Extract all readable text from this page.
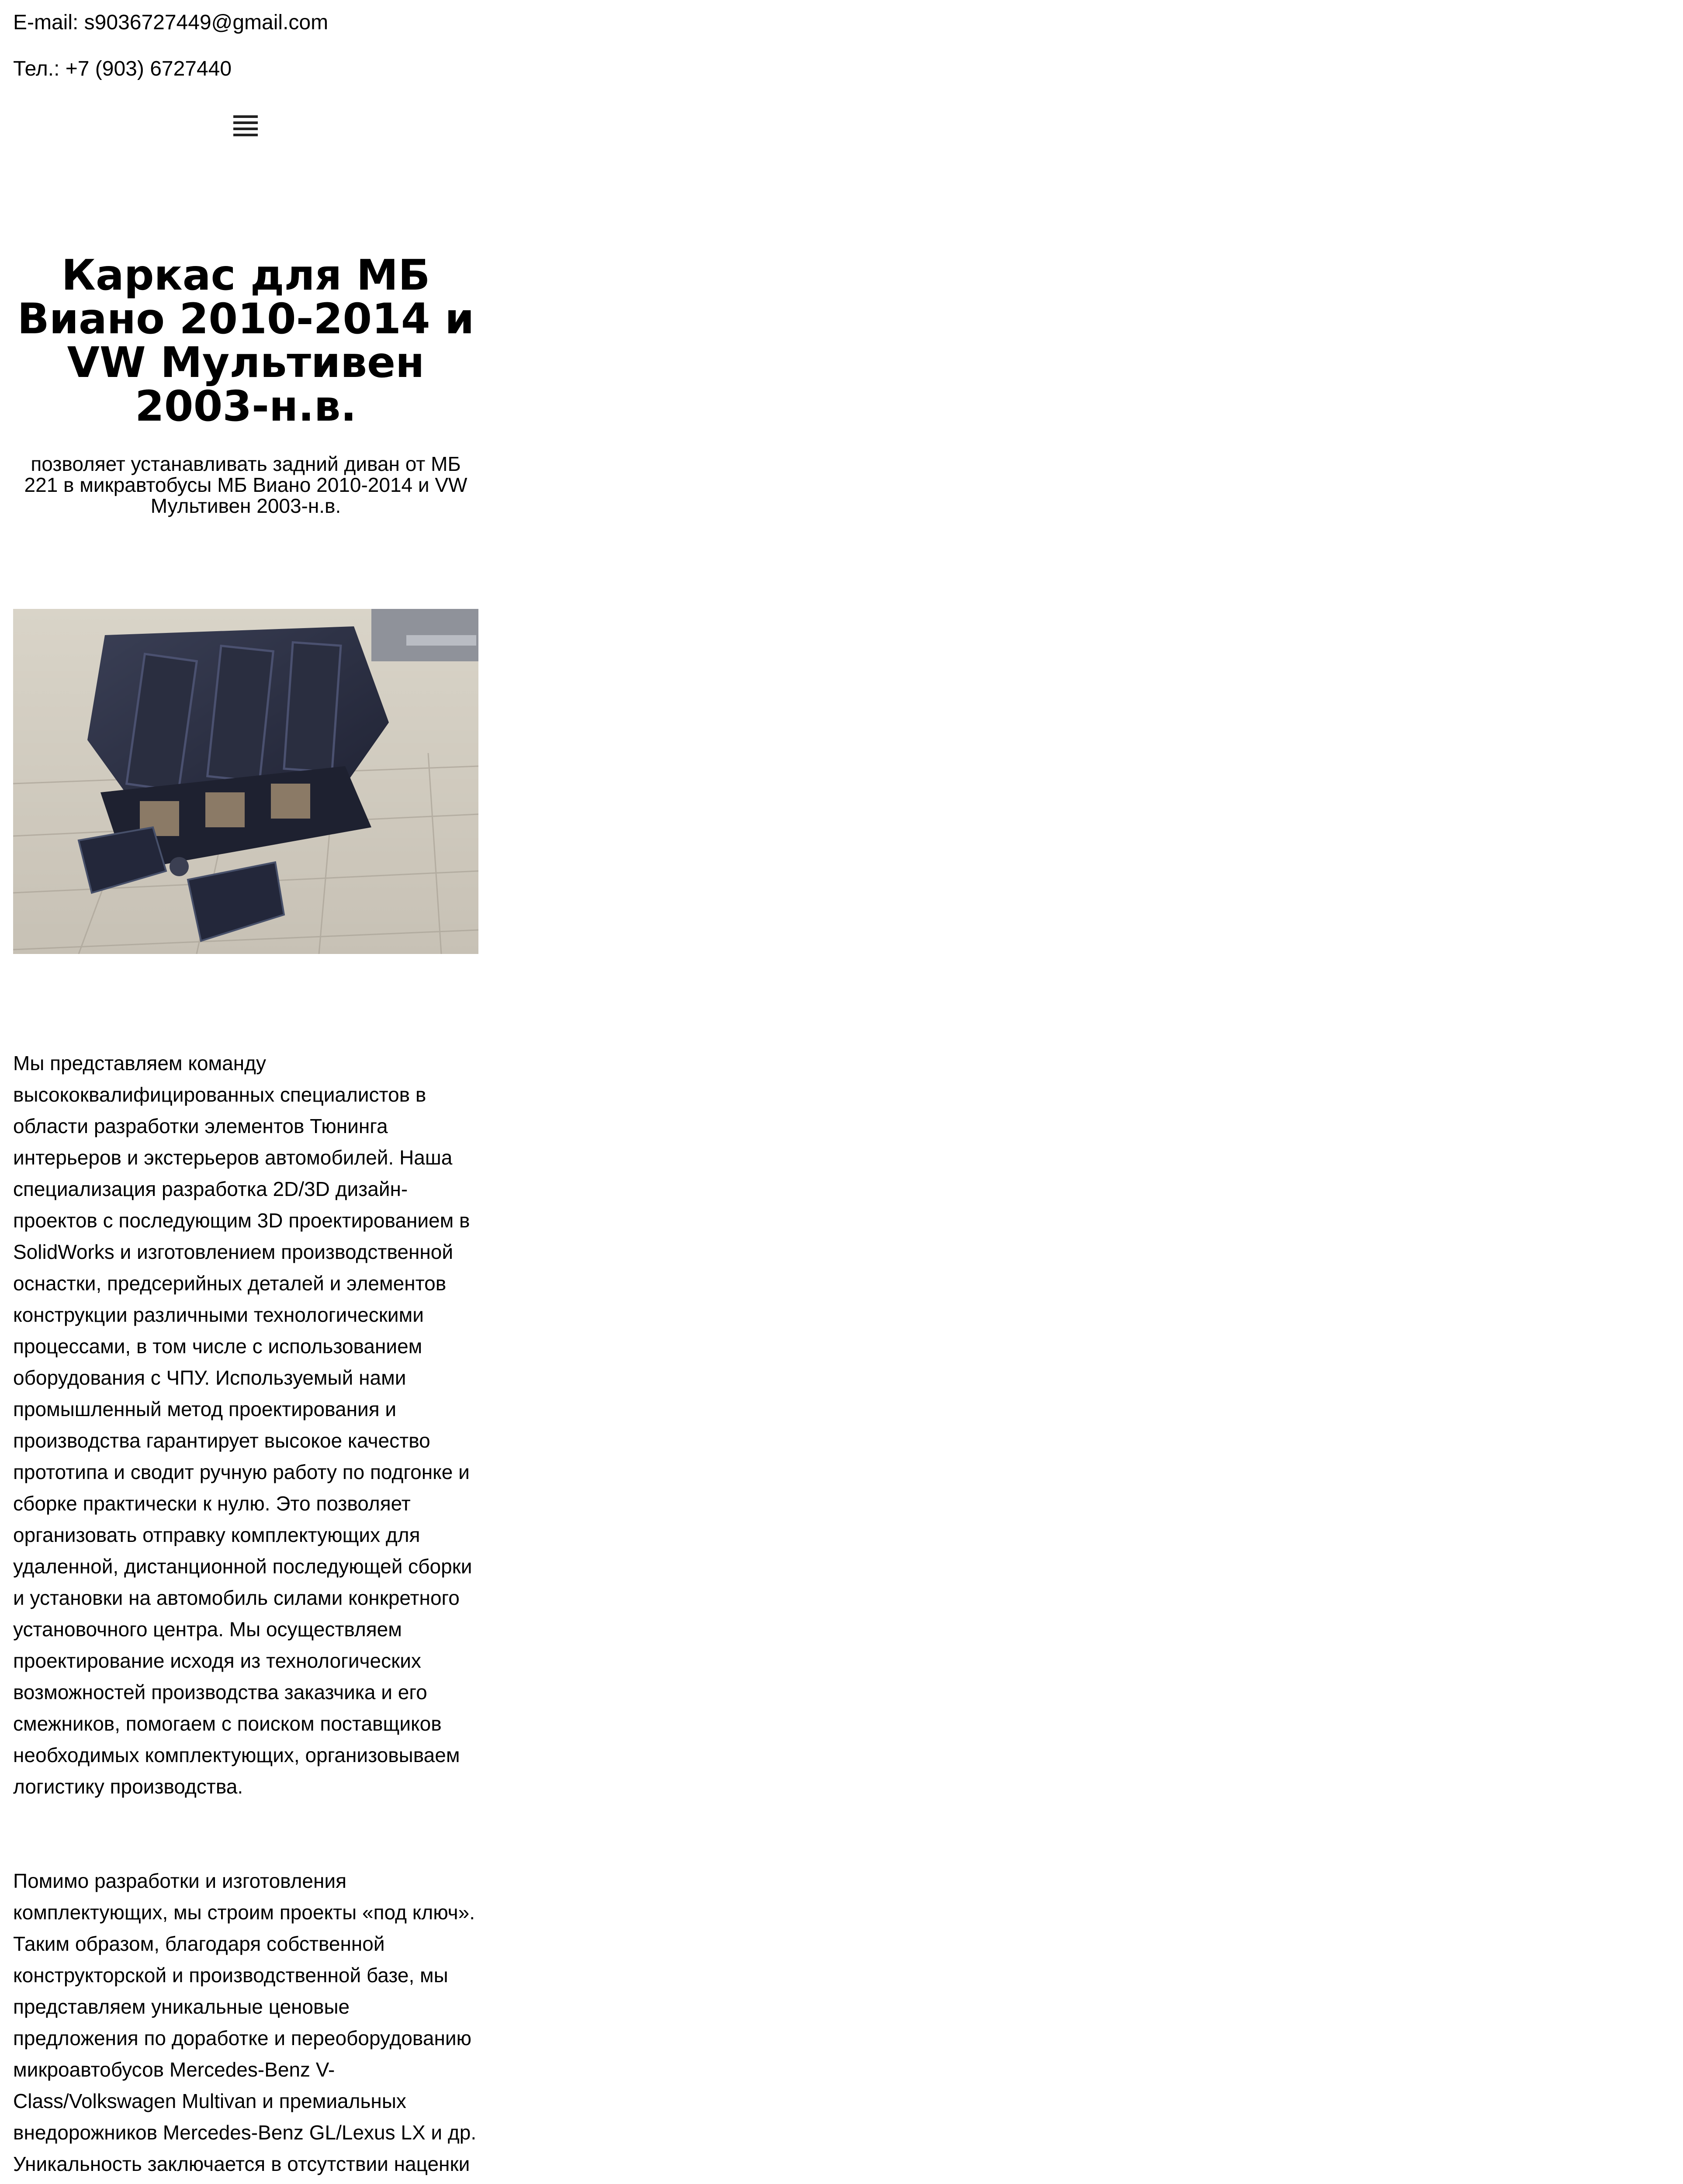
E-mail: s9036727449@gmail.com

Тел.: +7 (903) 6727440

Каркас для МБ Виано 2010-2014 и VW Мультивен 2003-н.в.

позволяет устанавливать задний диван от МБ 221 в микравтобусы МБ Виано 2010-2014 и VW Мультивен 2003-н.в.

Мы представляем команду высококвалифицированных специалистов в области разработки элементов Тюнинга интерьеров и экстерьеров автомобилей. Наша специализация разработка 2D/3D дизайн-проектов с последующим 3D проектированием в SolidWorks и изготовлением производственной оснастки, предсерийных деталей и элементов конструкции различными технологическими процессами, в том числе с использованием оборудования с ЧПУ. Используемый нами промышленный метод проектирования и производства гарантирует высокое качество прототипа и сводит ручную работу по подгонке и сборке практически к нулю. Это позволяет организовать отправку комплектующих для удаленной, дистанционной последующей сборки и установки на автомобиль силами конкретного установочного центра. Мы осуществляем проектирование исходя из технологических возможностей производства заказчика и его смежников, помогаем с поиском поставщиков необходимых комплектующих, организовываем логистику производства.

Помимо разработки и изготовления комплектующих, мы строим проекты «под ключ». Таким образом, благодаря собственной конструкторской и производственной базе, мы представляем уникальные ценовые предложения по доработке и переоборудованию микроавтобусов Mercedes-Benz V-Class/Volkswagen Multivan и премиальных внедорожников Mercedes-Benz GL/Lexus LX и др. Уникальность заключается в отсутствии наценки
